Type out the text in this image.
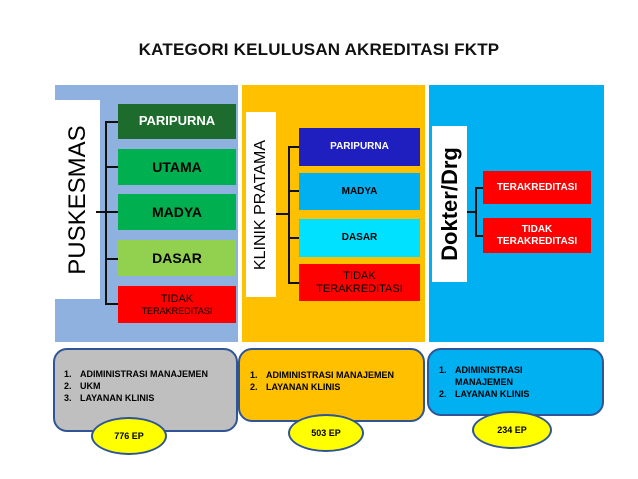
KATEGORI KELULUSAN AKREDITASI FKTP
PUSKESMAS
PARIPURNA
UTAMA
MADYA
DASAR
TIDAK
TERAKREDITASI
KLINIK PRATAMA	PARIPURNA
MADYA
DASAR
TIDAK
TERAKREDITASI
Dokter/Drg	TERAKREDITASI
TIDAK
TERAKREDITASI
1. ADIMINISTRASI MANAJEMEN
2. UKM
3. LAYANAN KLINIS
776 EP
1. ADIMINISTRASI MANAJEMEN
2. LAYANAN KLINIS
503 EP
1. ADIMINISTRASI
MANAJEMEN
2. LAYANAN KLINIS
234 EP
